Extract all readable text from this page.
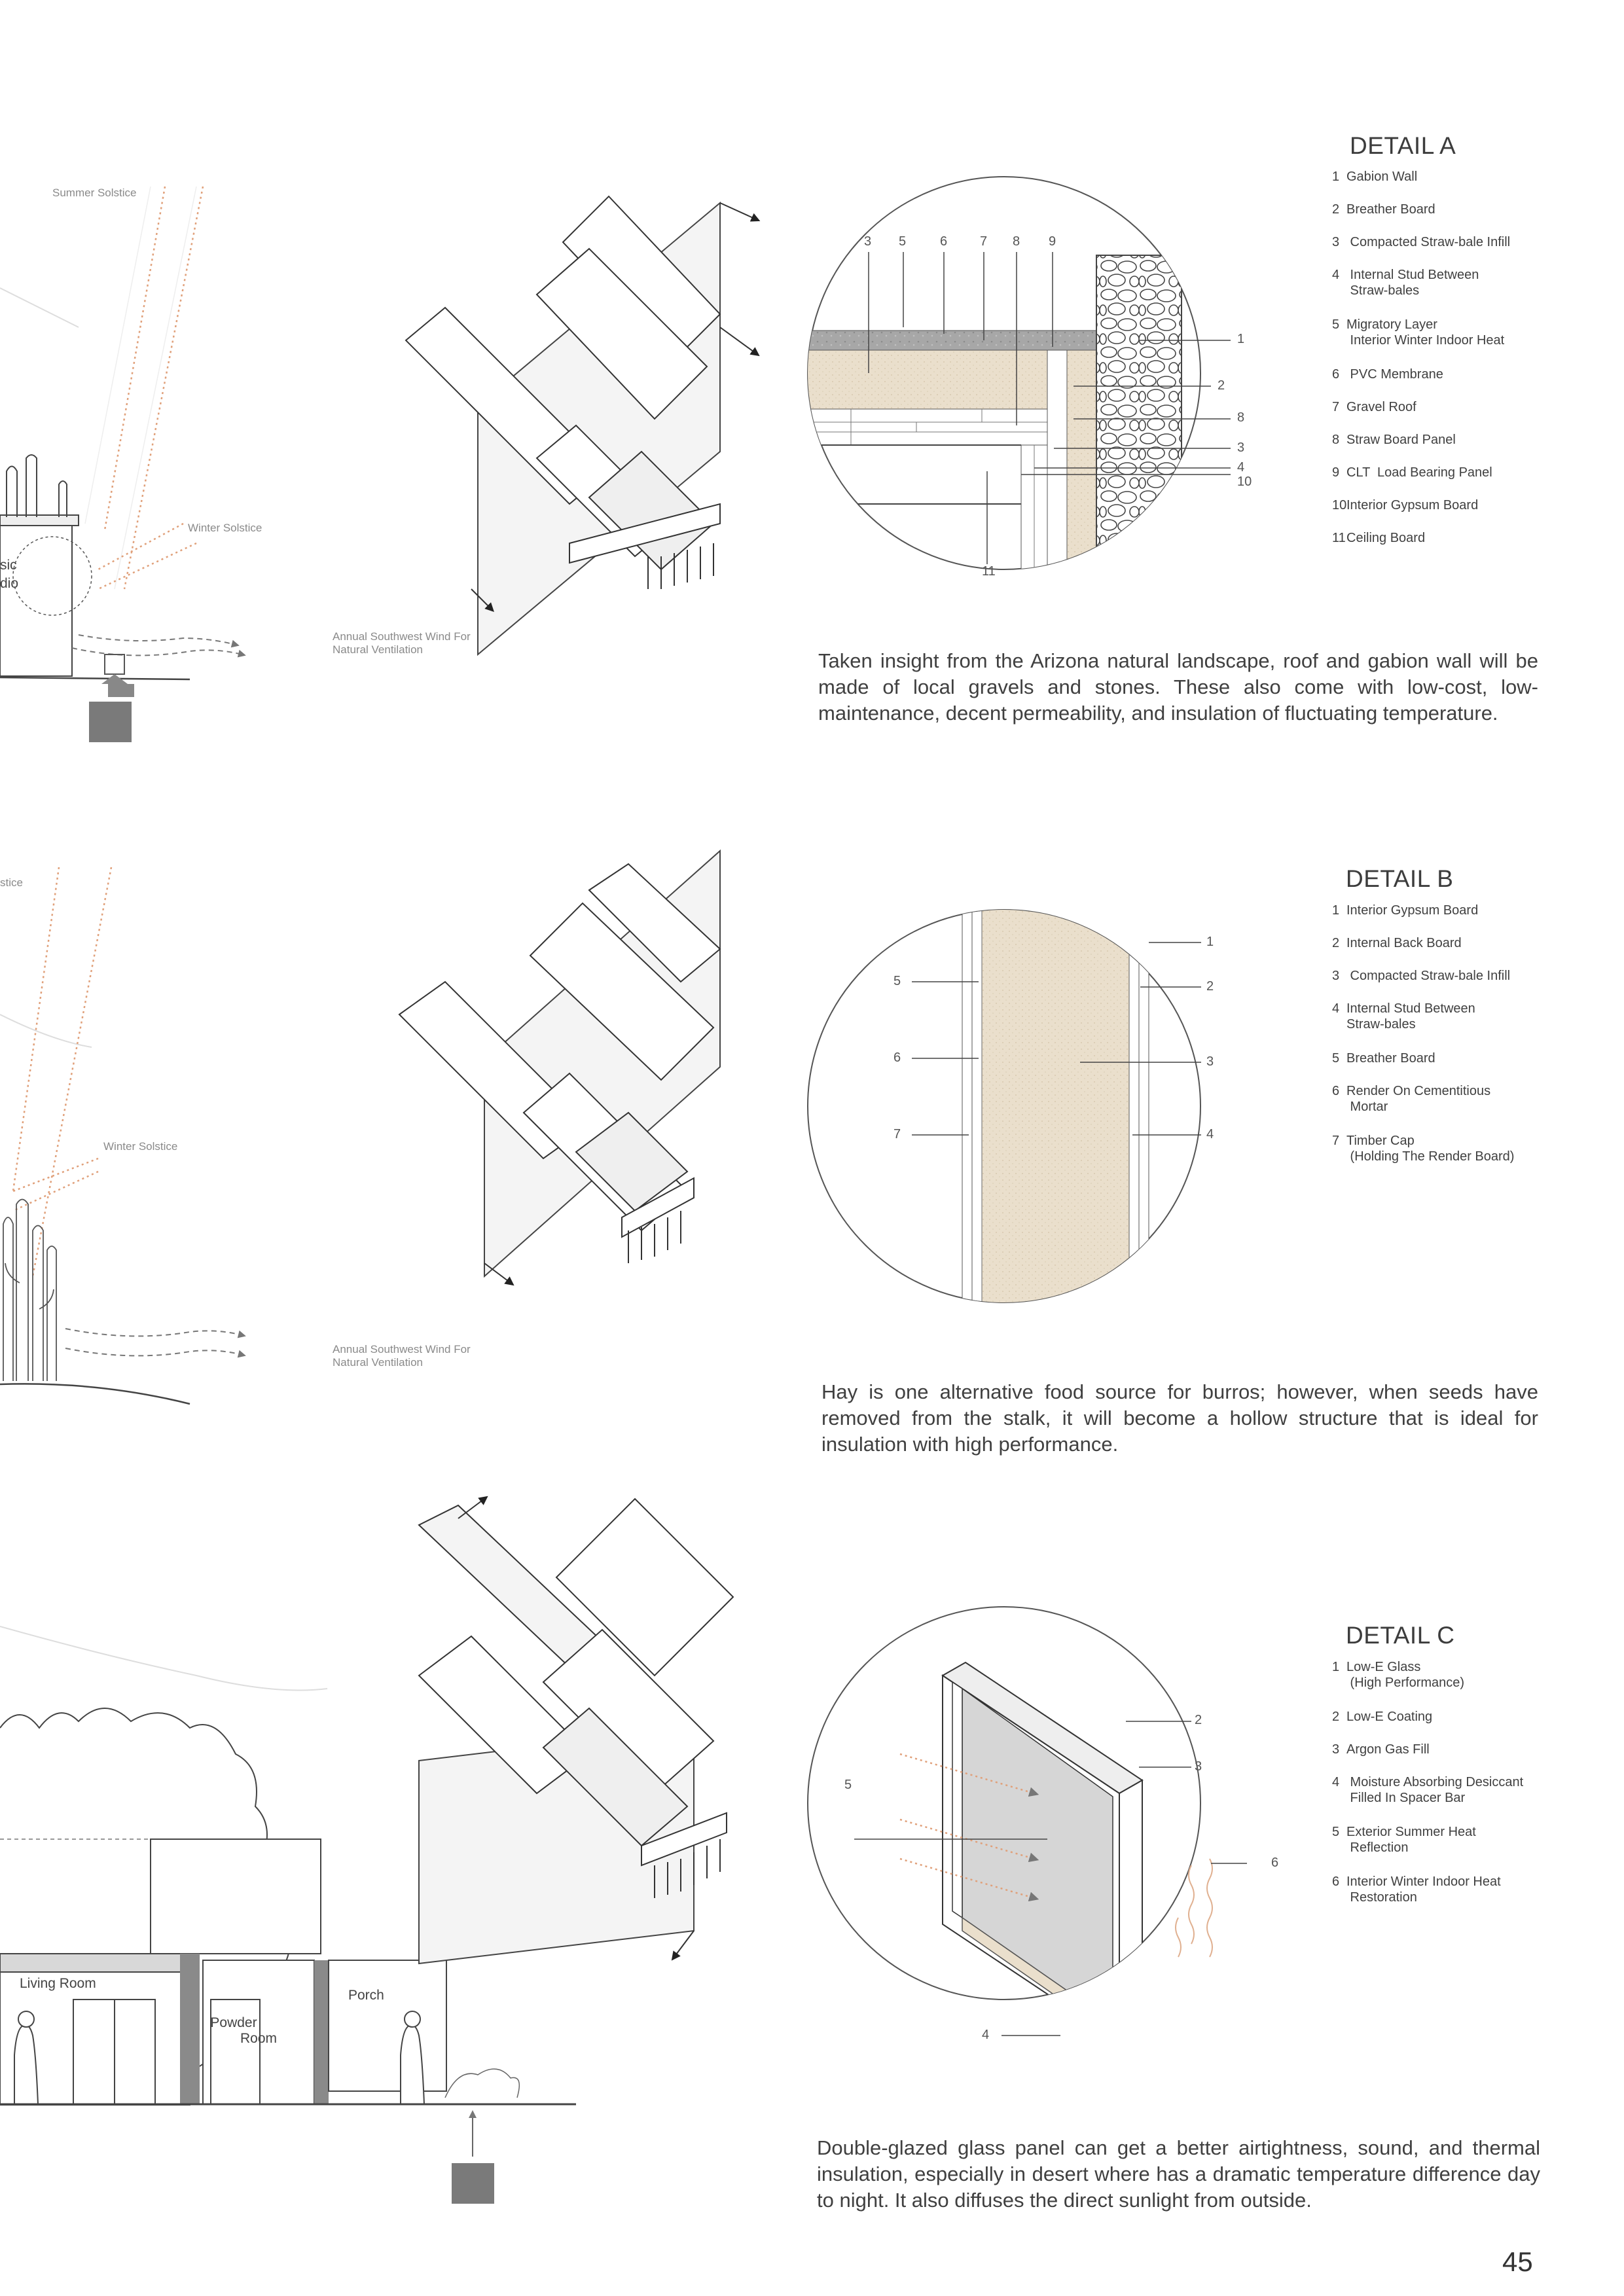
Summer Solstice
Winter Solstice
Annual Southwest Wind For
Natural Ventilation
sic
dio
stice
Winter Solstice
Annual Southwest Wind For
Natural Ventilation
Living Room
Powder
Room
Porch
3 5	6 7 8 9
1
2
8
3
4
10
11
5
6
7
1
2
3
4
2
3
5
6
4
DETAIL A
1 Gabion Wall
2 Breather Board
3 Compacted Straw-bale Infill
4 Internal Stud Between
Straw-bales
5 Migratory Layer
Interior Winter Indoor Heat
6 PVC Membrane
7 Gravel Roof
8 Straw Board Panel
9 CLT  Load Bearing Panel
10Interior Gypsum Board
11Ceiling Board
Taken insight from the Arizona natural landscape, roof and gabion wall will be made of local gravels and stones. These also come with low-cost, low-maintenance, decent permeability, and insulation of fluctuating temperature.
DETAIL B
1 Interior Gypsum Board
2 Internal Back Board
3 Compacted Straw-bale Infill
4 Internal Stud Between
Straw-bales
5 Breather Board
6 Render On Cementitious
Mortar
7 Timber Cap
(Holding The Render Board)
Hay is one alternative food source for burros; however, when seeds have removed from the stalk, it will become a hollow structure that is ideal for insulation with high performance.
DETAIL C
1 Low-E Glass
(High Performance)
2 Low-E Coating
3 Argon Gas Fill
4 Moisture Absorbing Desiccant
Filled In Spacer Bar
5 Exterior Summer Heat
Reflection
6 Interior Winter Indoor Heat
Restoration
Double-glazed glass panel can get a better airtightness, sound, and thermal insulation, especially in desert where has a dramatic temperature difference day to night. It also diffuses the direct sunlight from outside.
45
